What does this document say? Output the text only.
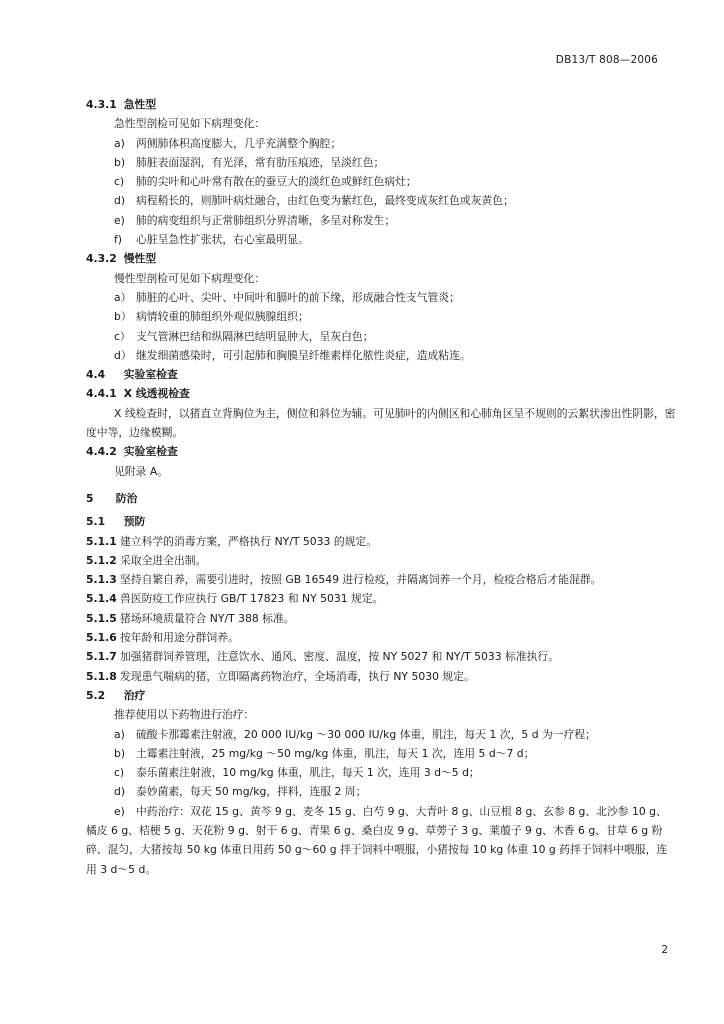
DB13/T 808—2006
4.3.1 急性型
急性型剖检可见如下病理变化：
a) 两侧肺体积高度膨大，几乎充满整个胸腔；
b) 肺脏表面湿润，有光泽，常有肋压痕迹，呈淡红色；
c) 肺的尖叶和心叶常有散在的蚕豆大的淡红色或鲜红色病灶；
d) 病程稍长的，则肺叶病灶融合，由红色变为紫红色，最终变成灰红色或灰黄色；
e) 肺的病变组织与正常肺组织分界清晰，多呈对称发生；
f) 心脏呈急性扩张状，右心室最明显。
4.3.2 慢性型
慢性型剖检可见如下病理变化：
a） 肺脏的心叶、尖叶、中间叶和膈叶的前下缘，形成融合性支气管炎；
b） 病情较重的肺组织外观似胰腺组织；
c） 支气管淋巴结和纵隔淋巴结明显肿大，呈灰白色；
d） 继发细菌感染时，可引起肺和胸膜呈纤维素样化脓性炎症，造成粘连。
4.4 实验室检查
4.4.1 X 线透视检查
X 线检查时，以猪直立背胸位为主，侧位和斜位为辅。可见肺叶的内侧区和心肺角区呈不规则的云絮状渗出性阴影，密度中等，边缘模糊。
4.4.2 实验室检查
见附录 A。
5 防治
5.1 预防
5.1.1 建立科学的消毒方案，严格执行 NY/T 5033 的规定。
5.1.2 采取全进全出制。
5.1.3 坚持自繁自养，需要引进时，按照 GB 16549 进行检疫，并隔离饲养一个月，检疫合格后才能混群。
5.1.4 兽医防疫工作应执行 GB/T 17823 和 NY 5031 规定。
5.1.5 猪场环境质量符合 NY/T 388 标准。
5.1.6 按年龄和用途分群饲养。
5.1.7 加强猪群饲养管理，注意饮水、通风、密度、温度，按 NY 5027 和 NY/T 5033 标准执行。
5.1.8 发现患气喘病的猪，立即隔离药物治疗，全场消毒，执行 NY 5030 规定。
5.2 治疗
推荐使用以下药物进行治疗：
a) 硫酸卡那霉素注射液，20 000 IU/kg ～30 000 IU/kg 体重，肌注，每天 1 次，5 d 为一疗程；
b) 土霉素注射液，25 mg/kg ～50 mg/kg 体重，肌注，每天 1 次，连用 5 d～7 d；
c) 泰乐菌素注射液，10 mg/kg 体重，肌注，每天 1 次，连用 3 d～5 d；
d) 泰妙菌素，每天 50 mg/kg，拌料，连服 2 周；
e) 中药治疗：双花 15 g、黄芩 9 g、麦冬 15 g、白芍 9 g、大青叶 8 g、山豆根 8 g、玄参 8 g、北沙参 10 g、橘皮 6 g、桔梗 5 g、天花粉 9 g、射干 6 g、青果 6 g、桑白皮 9 g、草蒡子 3 g、莱菔子 9 g、木香 6 g、甘草 6 g 粉碎、混匀，大猪按每 50 kg 体重日用药 50 g～60 g 拌于饲料中喂服，小猪按每 10 kg 体重 10 g 药拌于饲料中喂服，连用 3 d～5 d。
2
